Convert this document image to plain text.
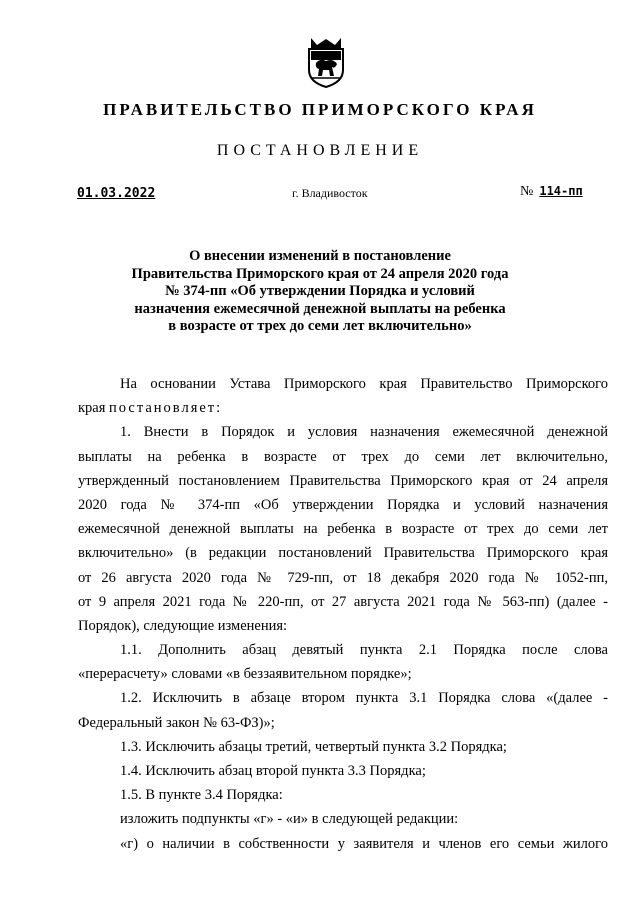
ПРАВИТЕЛЬСТВО ПРИМОРСКОГО КРАЯ
ПОСТАНОВЛЕНИЕ
01.03.2022	г. Владивосток	№ 114-пп
О внесении изменений в постановление
Правительства Приморского края от 24 апреля 2020 года
№ 374-пп «Об утверждении Порядка и условий
назначения ежемесячной денежной выплаты на ребенка
в возрасте от трех до семи лет включительно»
На основании Устава Приморского края Правительство Приморского
края постановляет:
1. Внести в Порядок и условия назначения ежемесячной денежной
выплаты на ребенка в возрасте от трех до семи лет включительно,
утвержденный постановлением Правительства Приморского края от 24 апреля
2020 года № 374-пп «Об утверждении Порядка и условий назначения
ежемесячной денежной выплаты на ребенка в возрасте от трех до семи лет
включительно» (в редакции постановлений Правительства Приморского края
от 26 августа 2020 года № 729-пп, от 18 декабря 2020 года № 1052-пп,
от 9 апреля 2021 года № 220-пп, от 27 августа 2021 года № 563-пп) (далее -
Порядок), следующие изменения:
1.1. Дополнить абзац девятый пункта 2.1 Порядка после слова
«перерасчету» словами «в беззаявительном порядке»;
1.2. Исключить в абзаце втором пункта 3.1 Порядка слова «(далее -
Федеральный закон № 63-ФЗ)»;
1.3. Исключить абзацы третий, четвертый пункта 3.2 Порядка;
1.4. Исключить абзац второй пункта 3.3 Порядка;
1.5. В пункте 3.4 Порядка:
изложить подпункты «г» - «и» в следующей редакции:
«г) о наличии в собственности у заявителя и членов его семьи жилого
